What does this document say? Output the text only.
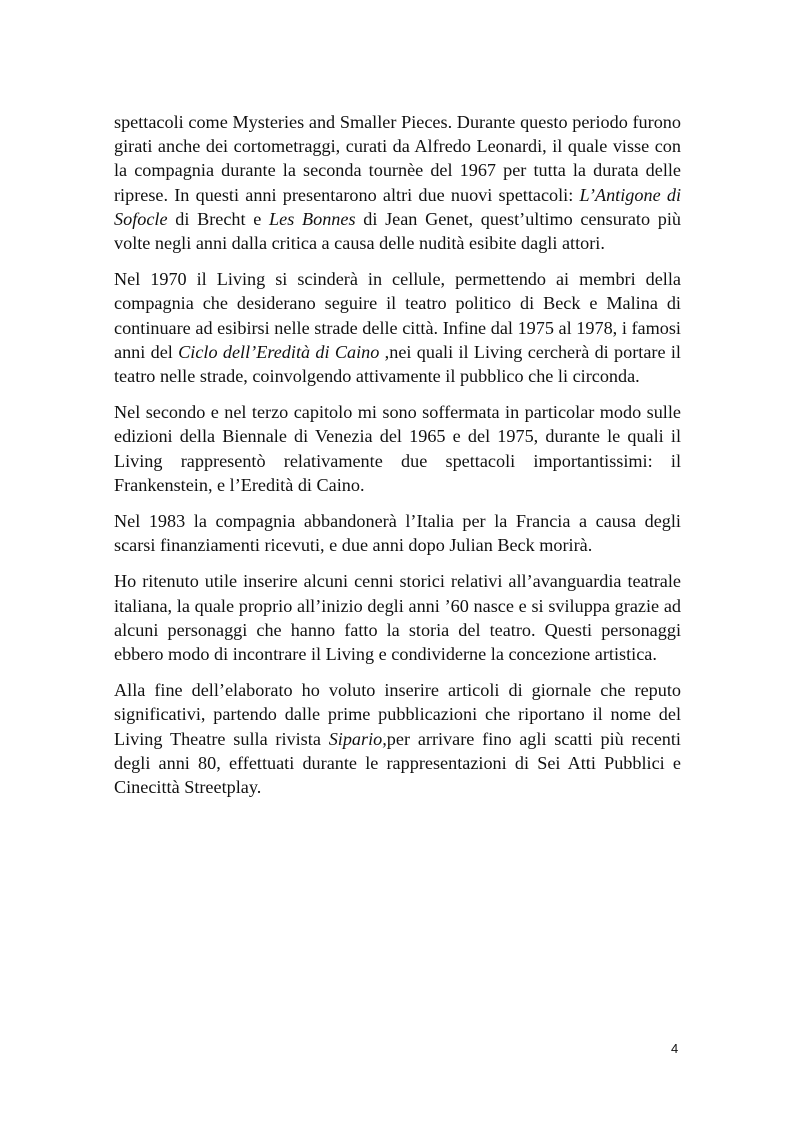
spettacoli come Mysteries and Smaller Pieces. Durante questo periodo furono girati anche dei cortometraggi, curati da Alfredo Leonardi, il quale visse con la compagnia durante la seconda tournèe del 1967 per tutta la durata delle riprese. In questi anni presentarono altri due nuovi spettacoli: L’Antigone di Sofocle di Brecht e Les Bonnes di Jean Genet, quest’ultimo censurato più volte negli anni dalla critica a causa delle nudità esibite dagli attori.

Nel 1970 il Living si scinderà in cellule, permettendo ai membri della compagnia che desiderano seguire il teatro politico di Beck e Malina di continuare ad esibirsi nelle strade delle città. Infine dal 1975 al 1978, i famosi anni del Ciclo dell’Eredità di Caino ,nei quali il Living cercherà di portare il teatro nelle strade, coinvolgendo attivamente il pubblico che li circonda.

Nel secondo e nel terzo capitolo mi sono soffermata in particolar modo sulle edizioni della Biennale di Venezia del 1965 e del 1975, durante le quali il Living rappresentò relativamente due spettacoli importantissimi: il Frankenstein, e l’Eredità di Caino.

Nel 1983 la compagnia abbandonerà l’Italia per la Francia a causa degli scarsi finanziamenti ricevuti, e due anni dopo Julian Beck morirà.

Ho ritenuto utile inserire alcuni cenni storici relativi all’avanguardia teatrale italiana, la quale proprio all’inizio degli anni ’60 nasce e si sviluppa grazie ad alcuni personaggi che hanno fatto la storia del teatro. Questi personaggi ebbero modo di incontrare il Living e condividerne la concezione artistica.

Alla fine dell’elaborato ho voluto inserire articoli di giornale che reputo significativi, partendo dalle prime pubblicazioni che riportano il nome del Living Theatre sulla rivista Sipario,per arrivare fino agli scatti più recenti degli anni 80, effettuati durante le rappresentazioni di Sei Atti Pubblici e Cinecittà Streetplay.

4
